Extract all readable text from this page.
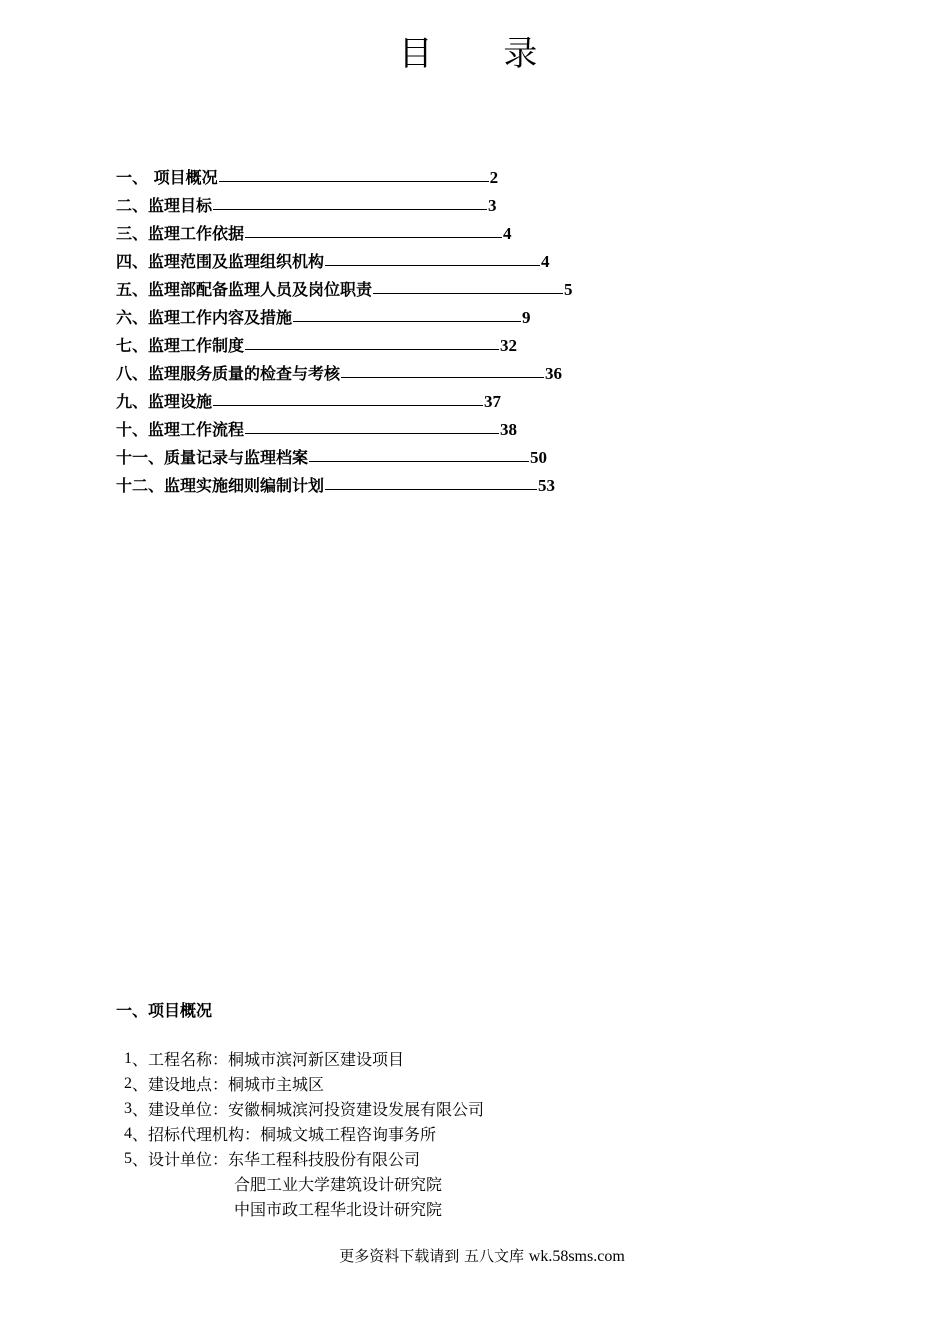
目 录
一、 项目概况	2
二、监理目标	3
三、监理工作依据	4
四、监理范围及监理组织机构	4
五、监理部配备监理人员及岗位职责	5
六、监理工作内容及措施	9
七、监理工作制度	32
八、监理服务质量的检查与考核	36
九、监理设施	37
十、监理工作流程	38
十一、质量记录与监理档案	50
十二、监理实施细则编制计划	53
一、项目概况
1 、 工程名称： 桐城市滨河新区建设项目
2 、 建设地点： 桐城市主城区
3 、 建设单位： 安徽桐城滨河投资建设发展有限公司
4 、 招标代理机构： 桐城文城工程咨询事务所
5 、 设计单位： 东华工程科技股份有限公司
合肥工业大学建筑设计研究院
中国市政工程华北设计研究院
更多资料下载请到 五八文库 wk.58sms.com
